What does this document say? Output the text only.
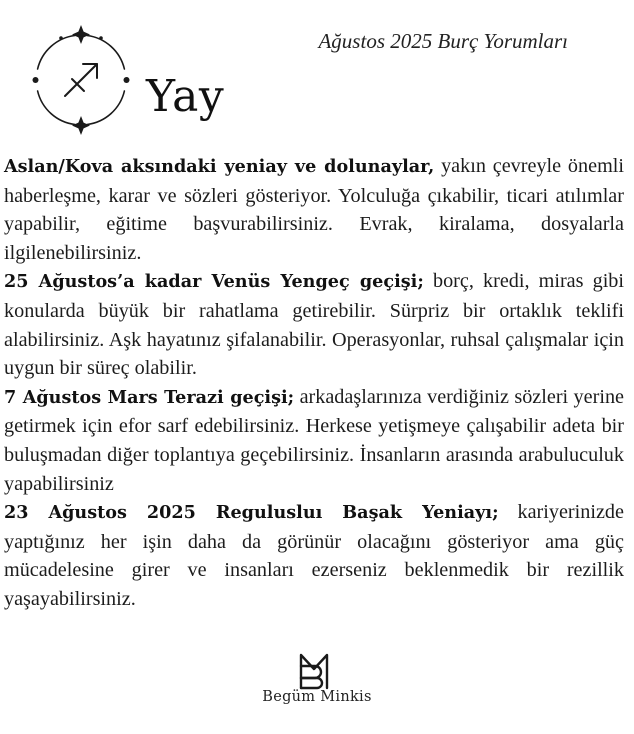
Yay
Ağustos 2025 Burç Yorumları

Aslan/Kova aksındaki yeniay ve dolunaylar, yakın çevreyle önemli haberleşme, karar ve sözleri gösteriyor. Yolculuğa çıkabilir, ticari atılımlar yapabilir, eğitime başvurabilirsiniz. Evrak, kiralama, dosyalarla ilgilenebilirsiniz.

25 Ağustos’a kadar Venüs Yengeç geçişi; borç, kredi, miras gibi konularda büyük bir rahatlama getirebilir. Sürpriz bir ortaklık teklifi alabilirsiniz. Aşk hayatınız şifalanabilir. Operasyonlar, ruhsal çalışmalar için uygun bir süreç olabilir.

7 Ağustos Mars Terazi geçişi; arkadaşlarınıza verdiğiniz sözleri yerine getirmek için efor sarf edebilirsiniz. Herkese yetişmeye çalışabilir adeta bir buluşmadan diğer toplantıya geçebilirsiniz. İnsanların arasında arabuluculuk yapabilirsiniz

23 Ağustos 2025 Regulusluı Başak Yeniayı; kariyerinizde yaptığınız her işin daha da görünür olacağını gösteriyor ama güç mücadelesine girer ve insanları ezerseniz beklenmedik bir rezillik yaşayabilirsiniz.

Begüm Minkis
